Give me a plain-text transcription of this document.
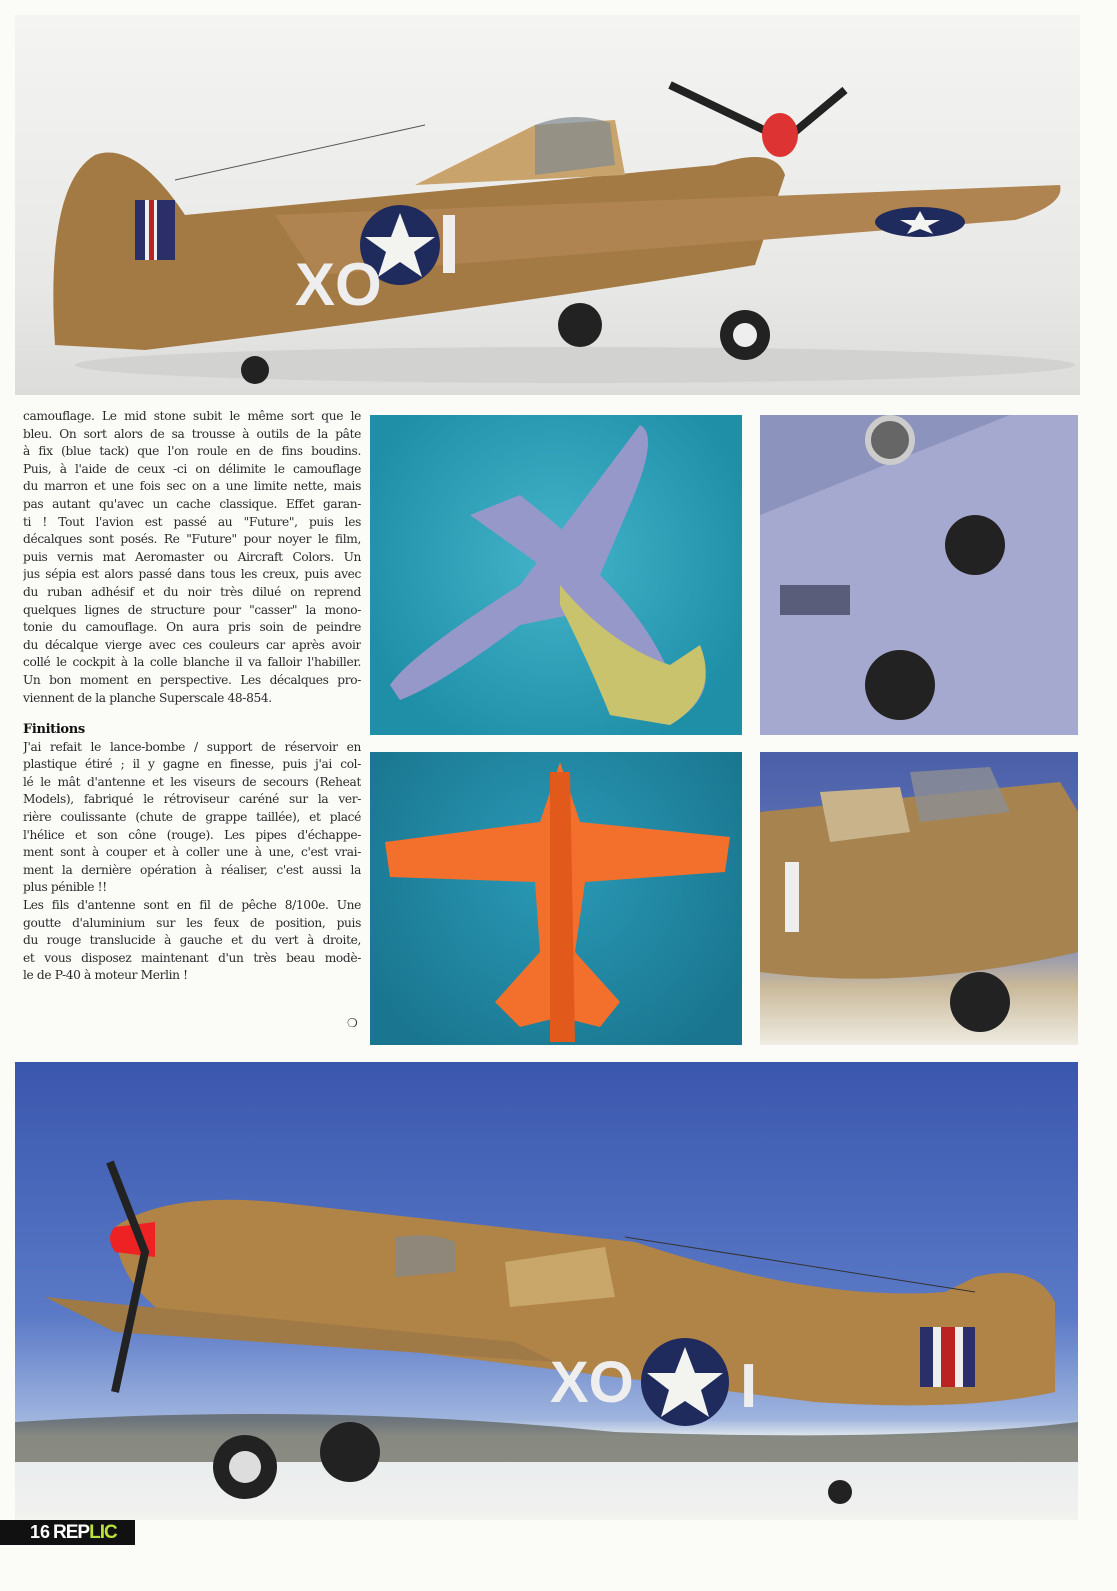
XO
camouflage. Le mid stone subit le même sort que le
bleu. On sort alors de sa trousse à outils de la pâte
à fix (blue tack) que l'on roule en de fins boudins.
Puis, à l'aide de ceux -ci on délimite le camouflage
du marron et une fois sec on a une limite nette, mais
pas autant qu'avec un cache classique. Effet garan-
ti ! Tout l'avion est passé au "Future", puis les
décalques sont posés. Re "Future" pour noyer le film,
puis vernis mat Aeromaster ou Aircraft Colors. Un
jus sépia est alors passé dans tous les creux, puis avec
du ruban adhésif et du noir très dilué on reprend
quelques lignes de structure pour "casser" la mono-
tonie du camouflage. On aura pris soin de peindre
du décalque vierge avec ces couleurs car après avoir
collé le cockpit à la colle blanche il va falloir l'habiller.
Un bon moment en perspective. Les décalques pro-
viennent de la planche Superscale 48-854.
Finitions
J'ai refait le lance-bombe / support de réservoir en
plastique étiré ; il y gagne en finesse, puis j'ai col-
lé le mât d'antenne et les viseurs de secours (Reheat
Models), fabriqué le rétroviseur caréné sur la ver-
rière coulissante (chute de grappe taillée), et placé
l'hélice et son cône (rouge). Les pipes d'échappe-
ment sont à couper et à coller une à une, c'est vrai-
ment la dernière opération à réaliser, c'est aussi la
plus pénible !!
Les fils d'antenne sont en fil de pêche 8/100e. Une
goutte d'aluminium sur les feux de position, puis
du rouge translucide à gauche et du vert à droite,
et vous disposez maintenant d'un très beau modè-
le de P-40 à moteur Merlin !
❍
XO I
16 REPLIC
